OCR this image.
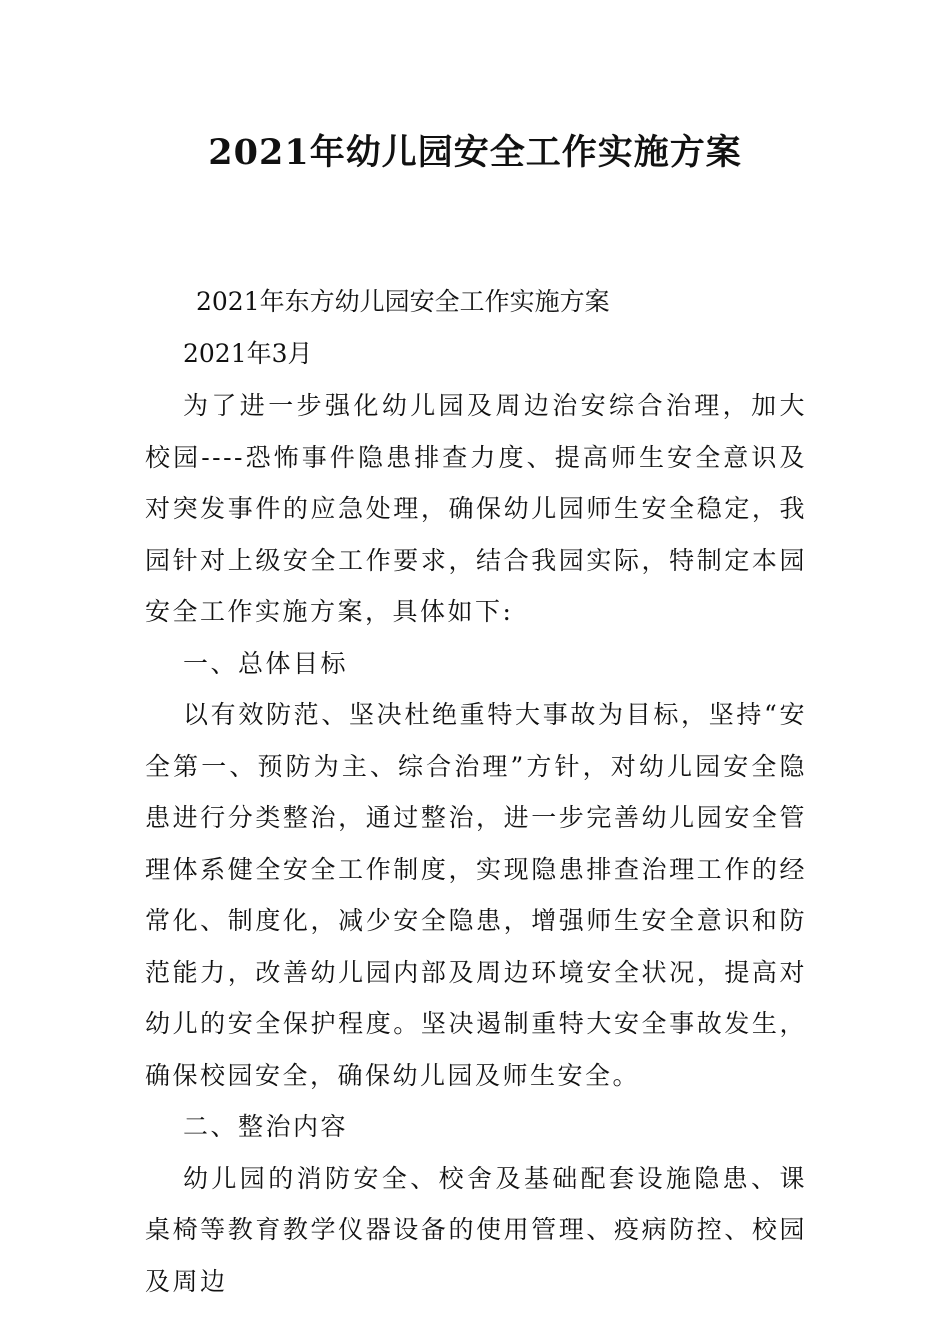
2021年幼儿园安全工作实施方案
2021年东方幼儿园安全工作实施方案
2021年3月

为了进一步强化幼儿园及周边治安综合治理，加大校园----恐怖事件隐患排查力度、提高师生安全意识及对突发事件的应急处理，确保幼儿园师生安全稳定，我园针对上级安全工作要求，结合我园实际，特制定本园安全工作实施方案，具体如下:

一、总体目标

以有效防范、坚决杜绝重特大事故为目标，坚持“安全第一、预防为主、综合治理”方针，对幼儿园安全隐患进行分类整治，通过整治，进一步完善幼儿园安全管理体系健全安全工作制度，实现隐患排查治理工作的经常化、制度化，减少安全隐患，增强师生安全意识和防范能力，改善幼儿园内部及周边环境安全状况，提高对幼儿的安全保护程度。坚决遏制重特大安全事故发生，确保校园安全，确保幼儿园及师生安全。

二、整治内容

幼儿园的消防安全、校舍及基础配套设施隐患、课桌椅等教育教学仪器设备的使用管理、疫病防控、校园及周边
